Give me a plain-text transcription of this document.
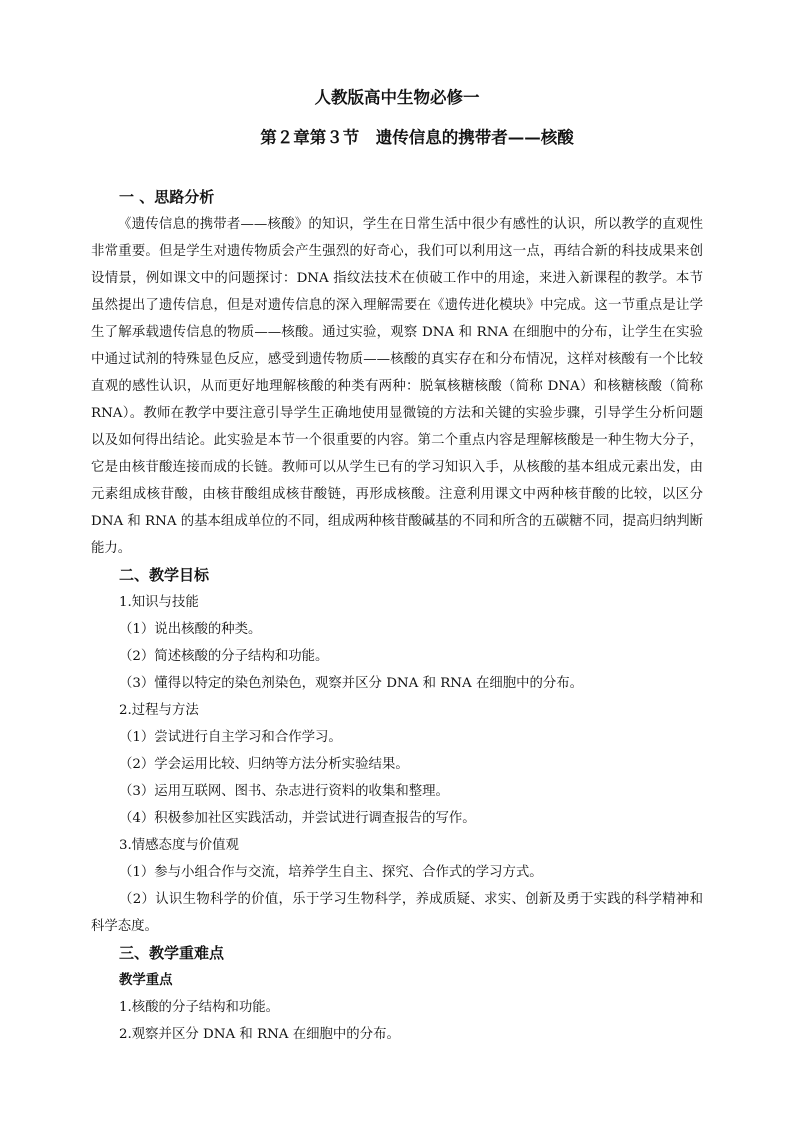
人教版高中生物必修一
第２章第３节　遗传信息的携带者——核酸
一 、思路分析
《遗传信息的携带者——核酸》的知识，学生在日常生活中很少有感性的认识，所以教学的直观性非常重要。但是学生对遗传物质会产生强烈的好奇心，我们可以利用这一点，再结合新的科技成果来创设情景，例如课文中的问题探讨：DNA 指纹法技术在侦破工作中的用途，来进入新课程的教学。本节虽然提出了遗传信息，但是对遗传信息的深入理解需要在《遗传进化模块》中完成。这一节重点是让学生了解承载遗传信息的物质——核酸。通过实验，观察 DNA 和 RNA 在细胞中的分布，让学生在实验中通过试剂的特殊显色反应，感受到遗传物质——核酸的真实存在和分布情况，这样对核酸有一个比较直观的感性认识，从而更好地理解核酸的种类有两种：脱氧核糖核酸（简称 DNA）和核糖核酸（简称 RNA）。教师在教学中要注意引导学生正确地使用显微镜的方法和关键的实验步骤，引导学生分析问题以及如何得出结论。此实验是本节一个很重要的内容。第二个重点内容是理解核酸是一种生物大分子，它是由核苷酸连接而成的长链。教师可以从学生已有的学习知识入手，从核酸的基本组成元素出发，由元素组成核苷酸，由核苷酸组成核苷酸链，再形成核酸。注意利用课文中两种核苷酸的比较，以区分 DNA 和 RNA 的基本组成单位的不同，组成两种核苷酸碱基的不同和所含的五碳糖不同，提高归纳判断能力。
二、教学目标
1.知识与技能
（1）说出核酸的种类。
（2）简述核酸的分子结构和功能。
（3）懂得以特定的染色剂染色，观察并区分 DNA 和 RNA 在细胞中的分布。
2.过程与方法
（1）尝试进行自主学习和合作学习。
（2）学会运用比较、归纳等方法分析实验结果。
（3）运用互联网、图书、杂志进行资料的收集和整理。
（4）积极参加社区实践活动，并尝试进行调查报告的写作。
3.情感态度与价值观
（1）参与小组合作与交流，培养学生自主、探究、合作式的学习方式。
（2）认识生物科学的价值，乐于学习生物科学，养成质疑、求实、创新及勇于实践的科学精神和科学态度。
三、教学重难点
教学重点
1.核酸的分子结构和功能。
2.观察并区分 DNA 和 RNA 在细胞中的分布。
